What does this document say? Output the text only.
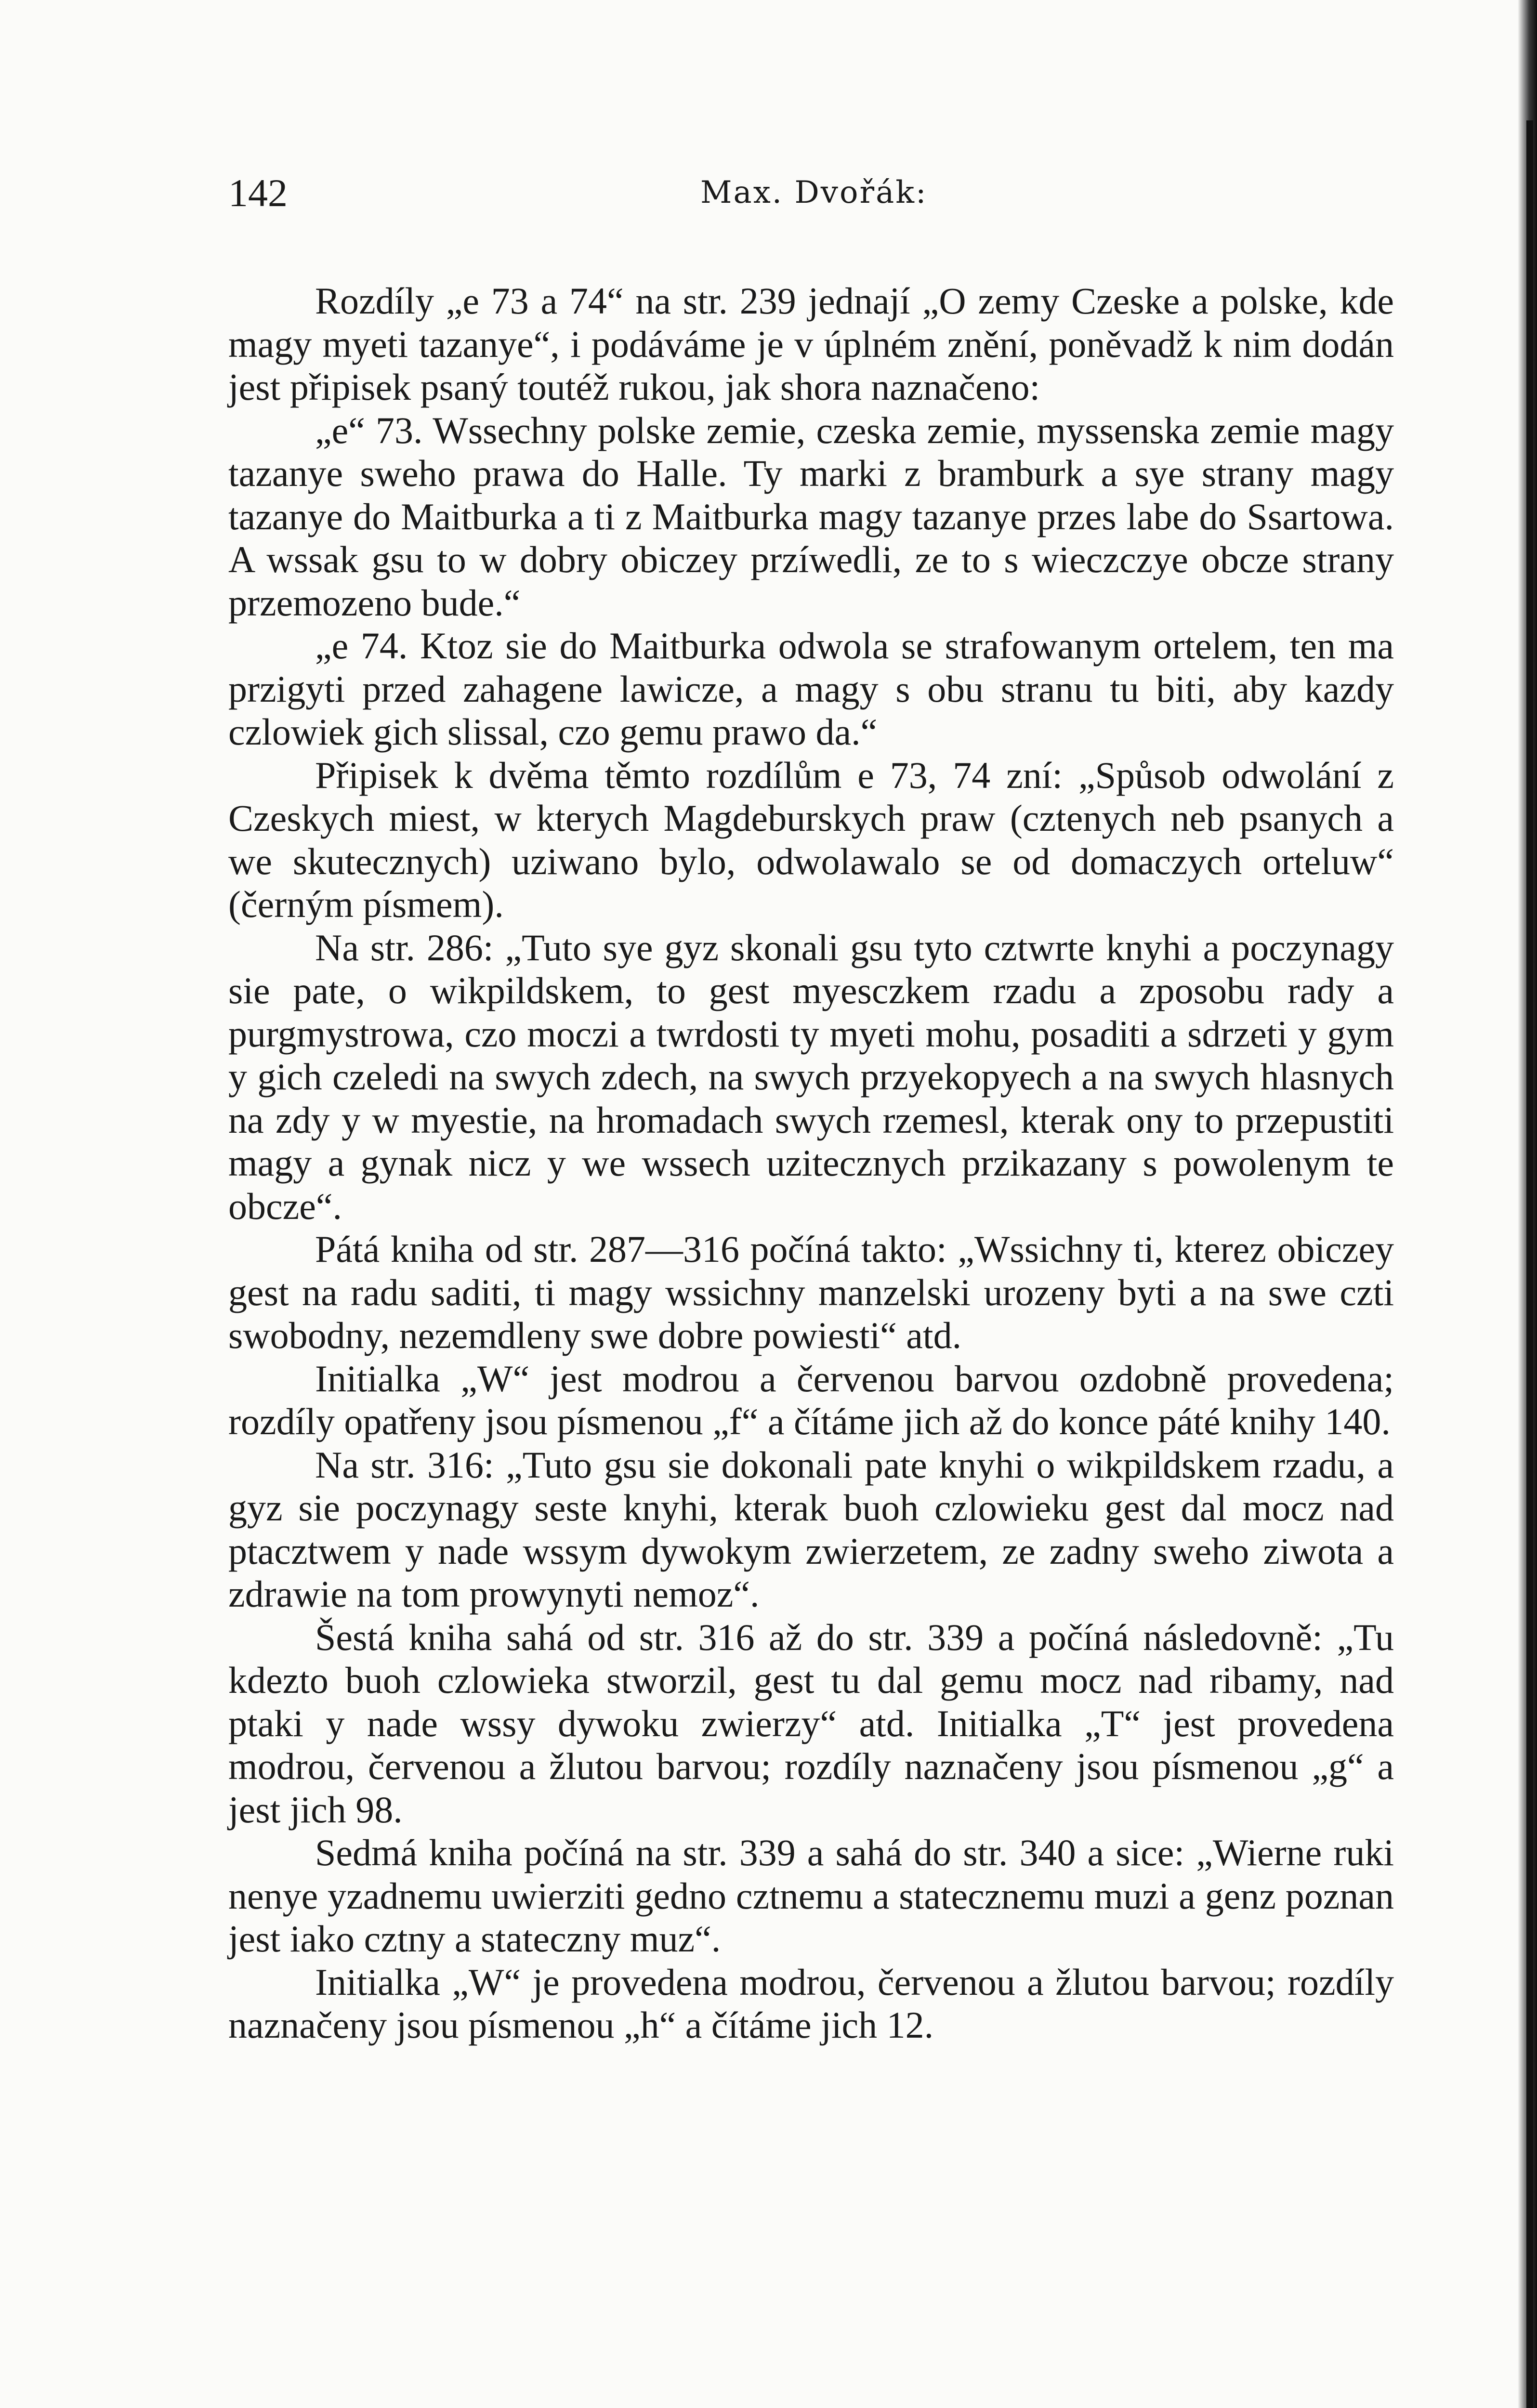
142	Max. Dvořák:

Rozdíly „e 73 a 74“ na str. 239 jednají „O zemy Czeske a polske, kde magy myeti tazanye“, i podáváme je v úplném znění, poněvadž k nim dodán jest připisek psaný toutéž rukou, jak shora naznačeno:

„e“ 73. Wssechny polske zemie, czeska zemie, myssenska zemie magy tazanye sweho prawa do Halle. Ty marki z bramburk a sye strany magy tazanye do Maitburka a ti z Maitburka magy tazanye przes labe do Ssartowa. A wssak gsu to w dobry obiczey przíwedli, ze to s wieczczye obcze strany przemozeno bude.“

„e 74. Ktoz sie do Maitburka odwola se strafowanym ortelem, ten ma przigyti przed zahagene lawicze, a magy s obu stranu tu biti, aby kazdy czlowiek gich slissal, czo gemu prawo da.“

Připisek k dvěma těmto rozdílům e 73, 74 zní: „Spůsob odwolání z Czeskych miest, w kterych Magdeburskych praw (cztenych neb psanych a we skutecznych) uziwano bylo, odwolawalo se od domaczych orteluw“ (černým písmem).

Na str. 286: „Tuto sye gyz skonali gsu tyto cztwrte knyhi a poczynagy sie pate, o wikpildskem, to gest myesczkem rzadu a zposobu rady a purgmystrowa, czo moczi a twrdosti ty myeti mohu, posaditi a sdrzeti y gym y gich czeledi na swych zdech, na swych przyekopyech a na swych hlasnych na zdy y w myestie, na hromadach swych rzemesl, kterak ony to przepustiti magy a gynak nicz y we wssech uzitecznych przikazany s powolenym te obcze“.

Pátá kniha od str. 287—316 počíná takto: „Wssichny ti, kterez obiczey gest na radu saditi, ti magy wssichny manzelski urozeny byti a na swe czti swobodny, nezemdleny swe dobre powiesti“ atd.

Initialka „W“ jest modrou a červenou barvou ozdobně provedena; rozdíly opatřeny jsou písmenou „f“ a čítáme jich až do konce páté knihy 140.

Na str. 316: „Tuto gsu sie dokonali pate knyhi o wikpildskem rzadu, a gyz sie poczynagy seste knyhi, kterak buoh czlowieku gest dal mocz nad ptacztwem y nade wssym dywokym zwierzetem, ze zadny sweho ziwota a zdrawie na tom prowynyti nemoz“.

Šestá kniha sahá od str. 316 až do str. 339 a počíná následovně: „Tu kdezto buoh czlowieka stworzil, gest tu dal gemu mocz nad ribamy, nad ptaki y nade wssy dywoku zwierzy“ atd. Initialka „T“ jest provedena modrou, červenou a žlutou barvou; rozdíly naznačeny jsou písmenou „g“ a jest jich 98.

Sedmá kniha počíná na str. 339 a sahá do str. 340 a sice: „Wierne ruki nenye yzadnemu uwierziti gedno cztnemu a statecznemu muzi a genz poznan jest iako cztny a stateczny muz“.

Initialka „W“ je provedena modrou, červenou a žlutou barvou; rozdíly naznačeny jsou písmenou „h“ a čítáme jich 12.
